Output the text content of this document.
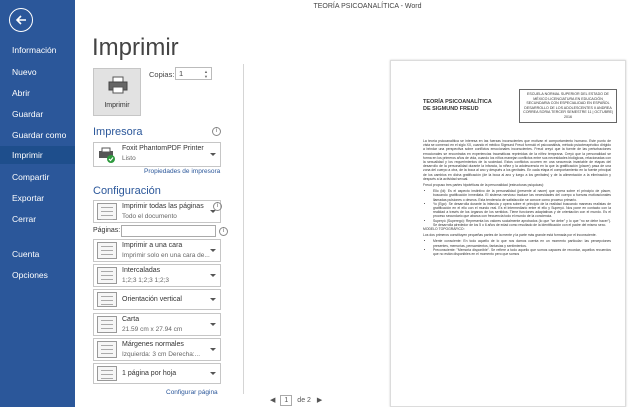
Información
Nuevo
Abrir
Guardar
Guardar como
Imprimir
Compartir
Exportar
Cerrar
Cuenta
Opciones
TEORÍA PSICOANALÍTICA - Word
Imprimir
Imprimir
Copias: 1	▲
▼
Impresora	i
Foxit PhantomPDF Printer
Listo
Propiedades de impresora
Configuración
Imprimir todas las páginas
Todo el documento
i
Páginas:	i
Imprimir a una cara
Imprimir solo en una cara de...
Intercaladas
1;2;3 1;2;3 1;2;3
Orientación vertical
Carta
21.59 cm x 27.94 cm
Márgenes normales
Izquierda: 3 cm Derecha:...
1 página por hoja
Configurar página
ESCUELA NORMAL SUPERIOR DEL ESTADO DE MÉXICO LICENCIATURA EN EDUCACIÓN SECUNDARIA CON ESPECIALIDAD EN ESPAÑOL DESARROLLO DE LOS ADOLESCENTES II ANDREA CORREA SORIA TERCER SEMESTRE 11 | OCTUBRE| 2016
TEORÍA PSICOANALÍTICA
DE SIGMUND FREUD

La teoría psicoanalítica se interesa en las fuerzas inconscientes que motivan el comportamiento humano. Este punto de vista se comenzó en el siglo XX, cuando el médico Sigmund Freud formuló el psicoanálisis, método psicoterapéutico dirigido a brindar una perspectiva sobre conflictos emocionales inconscientes. Freud creyó que la fuente de las perturbaciones emocionales se encontraba en experiencias traumáticas reprimidas de la niñez temprana. Creyó que la personalidad se forma en los primeros años de vida, cuando los niños manejan conflictos entre sus necesidades biológicas, relacionadas con la sexualidad y los requerimientos de la sociedad. Estos conflictos ocurren en una secuencia invariable de etapas del desarrollo de la personalidad durante la infancia, la niñez y la adolescencia en la que la gratificación (placer) pasa de una zona del cuerpo a otra, de la boca al ano y después a los genitales. En cada etapa el comportamiento en la fuente principal de los cambios en dicha gratificación (de la boca al ano y luego a los genitales) y de la alimentación a la eliminación y después a la actividad sexual.

Freud propuso tres partes hipotéticas de la personalidad (estructuras psíquicas):

• Ello (id): Es el aspecto instintivo de la personalidad (presente al nacer) que opera sobre el principio de placer, buscando gratificación inmediata. El sistema nervioso traduce las necesidades del cuerpo a fuerzas motivacionales llamadas pulsiones o deseos. Esta tendencia de satisfacción se conoce como proceso primario.
• Yo (Ego): Se desarrolla durante la infancia y opera sobre el principio de la realidad buscando maneras realistas de gratificación en el ello con el mundo real. Es el intermediario entre el ello y Superyó. Nos pone en contacto con la realidad a través de los órganos de los sentidos. Tiene funciones adaptativas y de orientación con el mundo. Es el proceso secundario que abarca con frecuencia todo el mundo de la conciencia.
• Superyó (Superego): Representa los valores socialmente aprobados (lo que "se debe" y lo que "no se debe hacer"). Se desarrolla alrededor de los 5 o 6 años de edad como resultado de la identificación con el padre del mismo sexo.

MODELO TOPOGRÁFICO:

Los dos primeros constituyen pequeñas partes de la mente y la parte más grande está formada por el inconsciente.

• Mente consciente: En todo aquello de lo que nos damos cuenta en un momento particular: las percepciones presentes, memorias, pensamientos, fantasías y sentimientos.
• Preconsciente: "Memoria disponible". Se refiere a todo aquello que somos capaces de recordar, aquellos recuerdos que no están disponibles en el momento pero que somos
◀ 1 de 2 ▶
